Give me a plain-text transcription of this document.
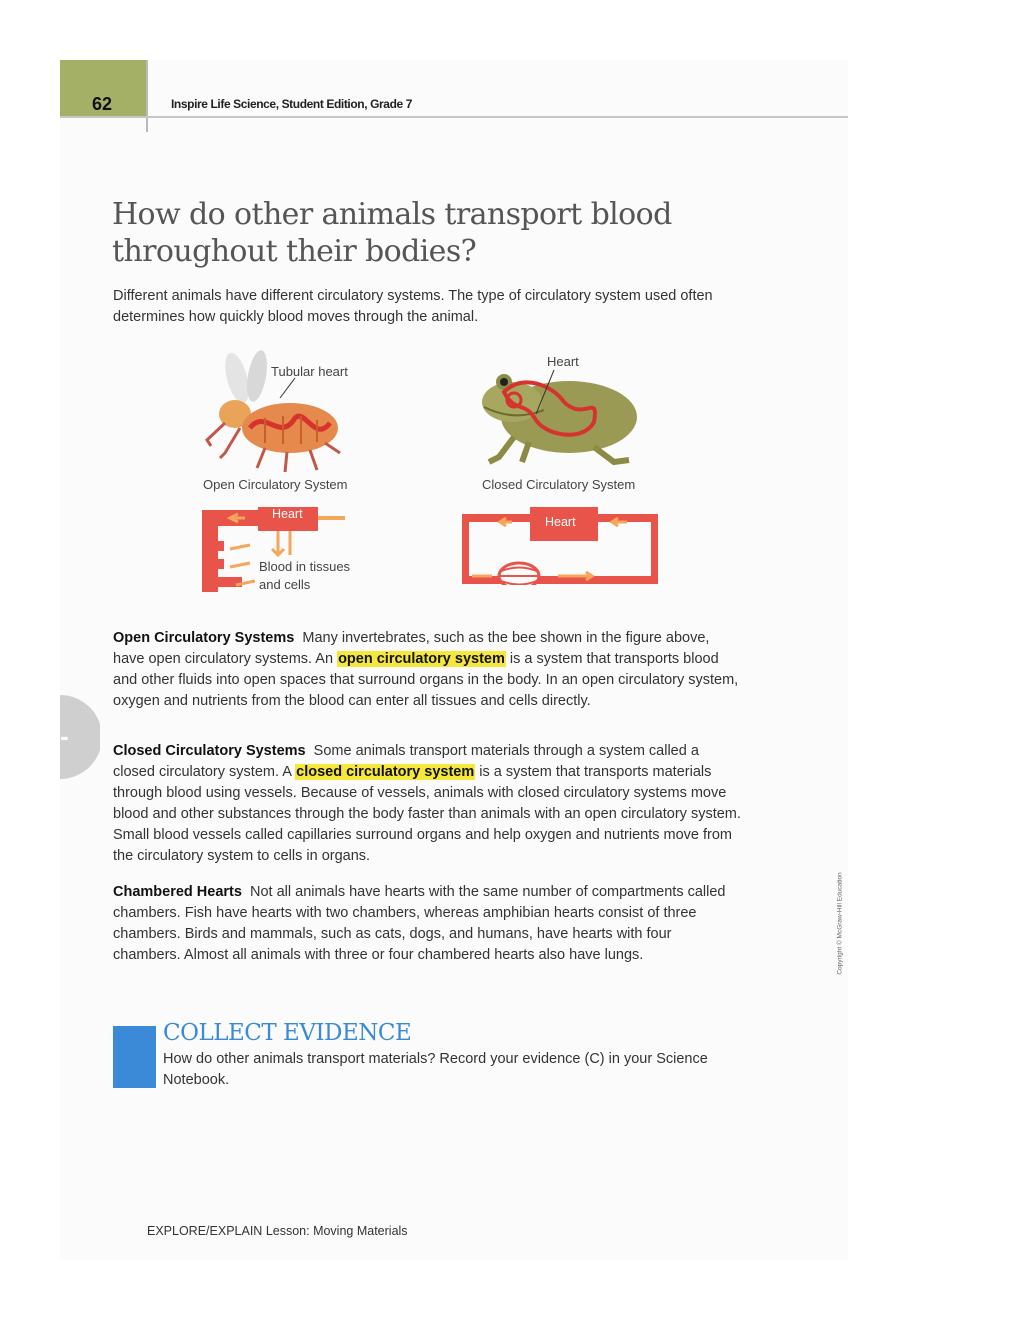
62	Inspire Life Science, Student Edition, Grade 7
How do other animals transport blood throughout their bodies?

Different animals have different circulatory systems. The type of circulatory system used often determines how quickly blood moves through the animal.

Tubular heart
Open Circulatory System
Heart
Closed Circulatory System
Heart
Blood in tissues
and cells
Heart

Open Circulatory Systems Many invertebrates, such as the bee shown in the figure above, have open circulatory systems. An open circulatory system is a system that transports blood and other fluids into open spaces that surround organs in the body. In an open circulatory system, oxygen and nutrients from the blood can enter all tissues and cells directly.

-	Closed Circulatory Systems Some animals transport materials through a system called a closed circulatory system. A closed circulatory system is a system that transports materials through blood using vessels. Because of vessels, animals with closed circulatory systems move blood and other substances through the body faster than animals with an open circulatory system. Small blood vessels called capillaries surround organs and help oxygen and nutrients move from the circulatory system to cells in organs.

Chambered Hearts Not all animals have hearts with the same number of compartments called chambers. Fish have hearts with two chambers, whereas amphibian hearts consist of three chambers. Birds and mammals, such as cats, dogs, and humans, have hearts with four chambers. Almost all animals with three or four chambered hearts also have lungs.

COLLECT EVIDENCE

How do other animals transport materials? Record your evidence (C) in your Science Notebook.

EXPLORE/EXPLAIN Lesson: Moving Materials
Copyright © McGraw-Hill Education
